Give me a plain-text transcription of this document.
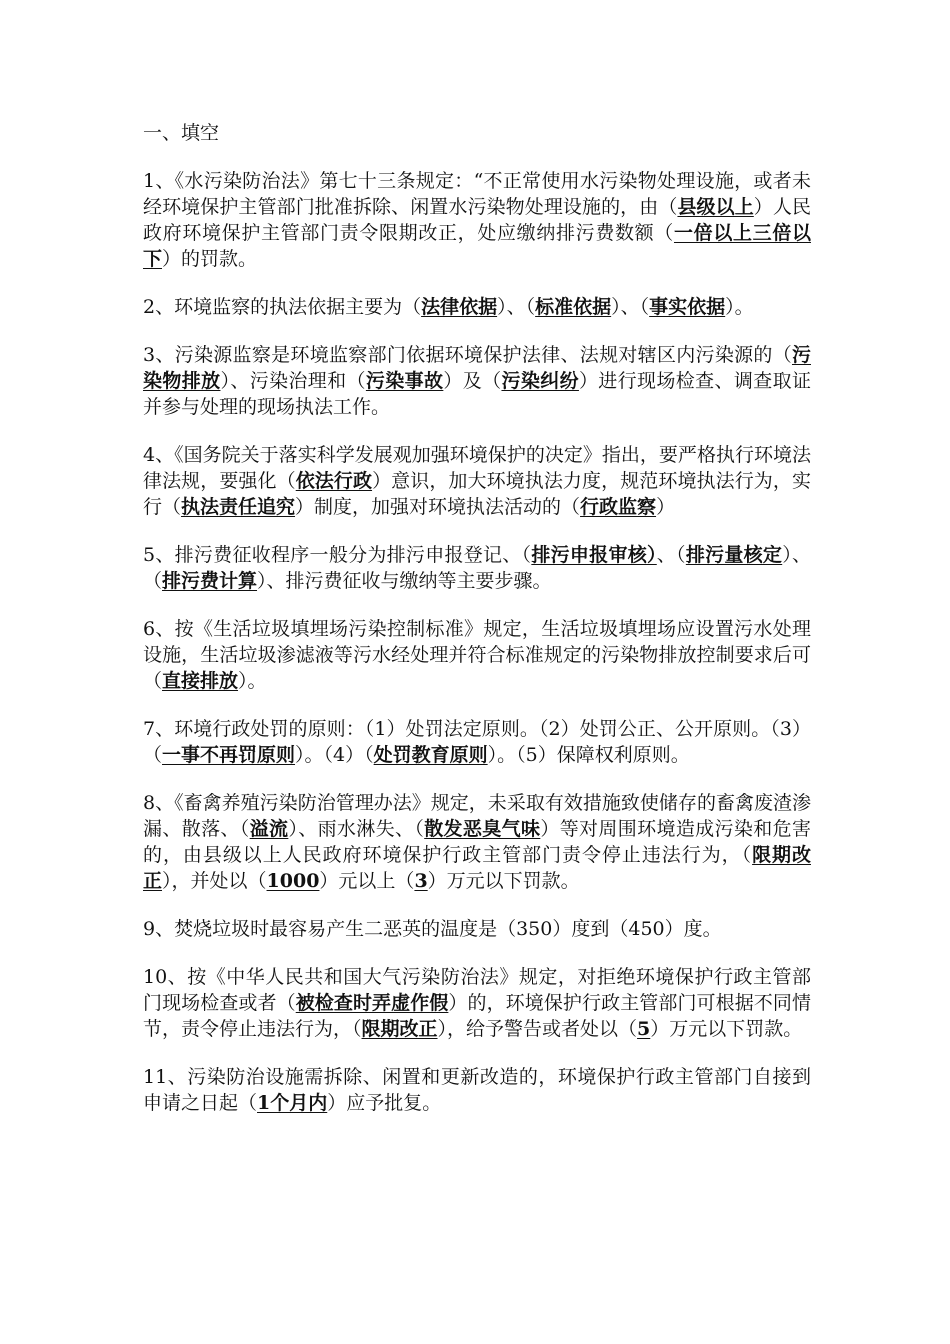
一、填空
1、《水污染防治法》第七十三条规定：“不正常使用水污染物处理设施，或者未经环境保护主管部门批准拆除、闲置水污染物处理设施的，由（县级以上）人民政府环境保护主管部门责令限期改正，处应缴纳排污费数额（一倍以上三倍以下）的罚款。
2、环境监察的执法依据主要为（法律依据）、（标准依据）、（事实依据）。
3、污染源监察是环境监察部门依据环境保护法律、法规对辖区内污染源的（污染物排放）、污染治理和（污染事故）及（污染纠纷）进行现场检查、调查取证并参与处理的现场执法工作。
4、《国务院关于落实科学发展观加强环境保护的决定》指出，要严格执行环境法律法规，要强化（依法行政）意识，加大环境执法力度，规范环境执法行为，实行（执法责任追究）制度，加强对环境执法活动的（行政监察）
5、排污费征收程序一般分为排污申报登记、（排污申报审核）、（排污量核定）、（排污费计算）、排污费征收与缴纳等主要步骤。
6、按《生活垃圾填埋场污染控制标准》规定，生活垃圾填埋场应设置污水处理设施，生活垃圾渗滤液等污水经处理并符合标准规定的污染物排放控制要求后可（直接排放）。
7、环境行政处罚的原则：（1）处罚法定原则。（2）处罚公正、公开原则。（3）（一事不再罚原则）。（4）（处罚教育原则）。（5）保障权利原则。
8、《畜禽养殖污染防治管理办法》规定，未采取有效措施致使储存的畜禽废渣渗漏、散落、（溢流）、雨水淋失、（散发恶臭气味）等对周围环境造成污染和危害的，由县级以上人民政府环境保护行政主管部门责令停止违法行为，（限期改正），并处以（1000）元以上（3）万元以下罚款。
9、焚烧垃圾时最容易产生二恶英的温度是（350）度到（450）度。
10、按《中华人民共和国大气污染防治法》规定，对拒绝环境保护行政主管部门现场检查或者（被检查时弄虚作假）的，环境保护行政主管部门可根据不同情节，责令停止违法行为，（限期改正），给予警告或者处以（5）万元以下罚款。
11、污染防治设施需拆除、闲置和更新改造的，环境保护行政主管部门自接到申请之日起（1个月内）应予批复。
